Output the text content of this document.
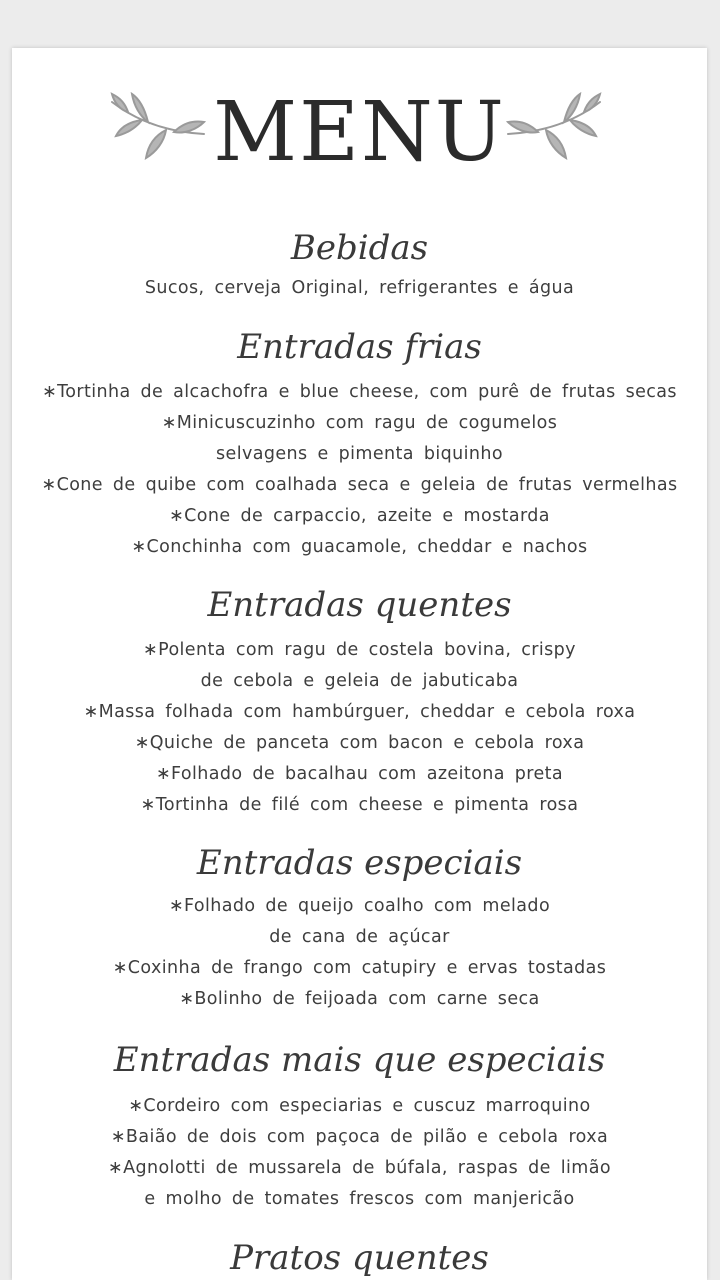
MENU
Bebidas
Sucos, cerveja Original, refrigerantes e água
Entradas frias
∗Tortinha de alcachofra e blue cheese, com purê de frutas secas
∗Minicuscuzinho com ragu de cogumelos
selvagens e pimenta biquinho
∗Cone de quibe com coalhada seca e geleia de frutas vermelhas
∗Cone de carpaccio, azeite e mostarda
∗Conchinha com guacamole, cheddar e nachos
Entradas quentes
∗Polenta com ragu de costela bovina, crispy
de cebola e geleia de jabuticaba
∗Massa folhada com hambúrguer, cheddar e cebola roxa
∗Quiche de panceta com bacon e cebola roxa
∗Folhado de bacalhau com azeitona preta
∗Tortinha de filé com cheese e pimenta rosa
Entradas especiais
∗Folhado de queijo coalho com melado
de cana de açúcar
∗Coxinha de frango com catupiry e ervas tostadas
∗Bolinho de feijoada com carne seca
Entradas mais que especiais
∗Cordeiro com especiarias e cuscuz marroquino
∗Baião de dois com paçoca de pilão e cebola roxa
∗Agnolotti de mussarela de búfala, raspas de limão
e molho de tomates frescos com manjericão
Pratos quentes
